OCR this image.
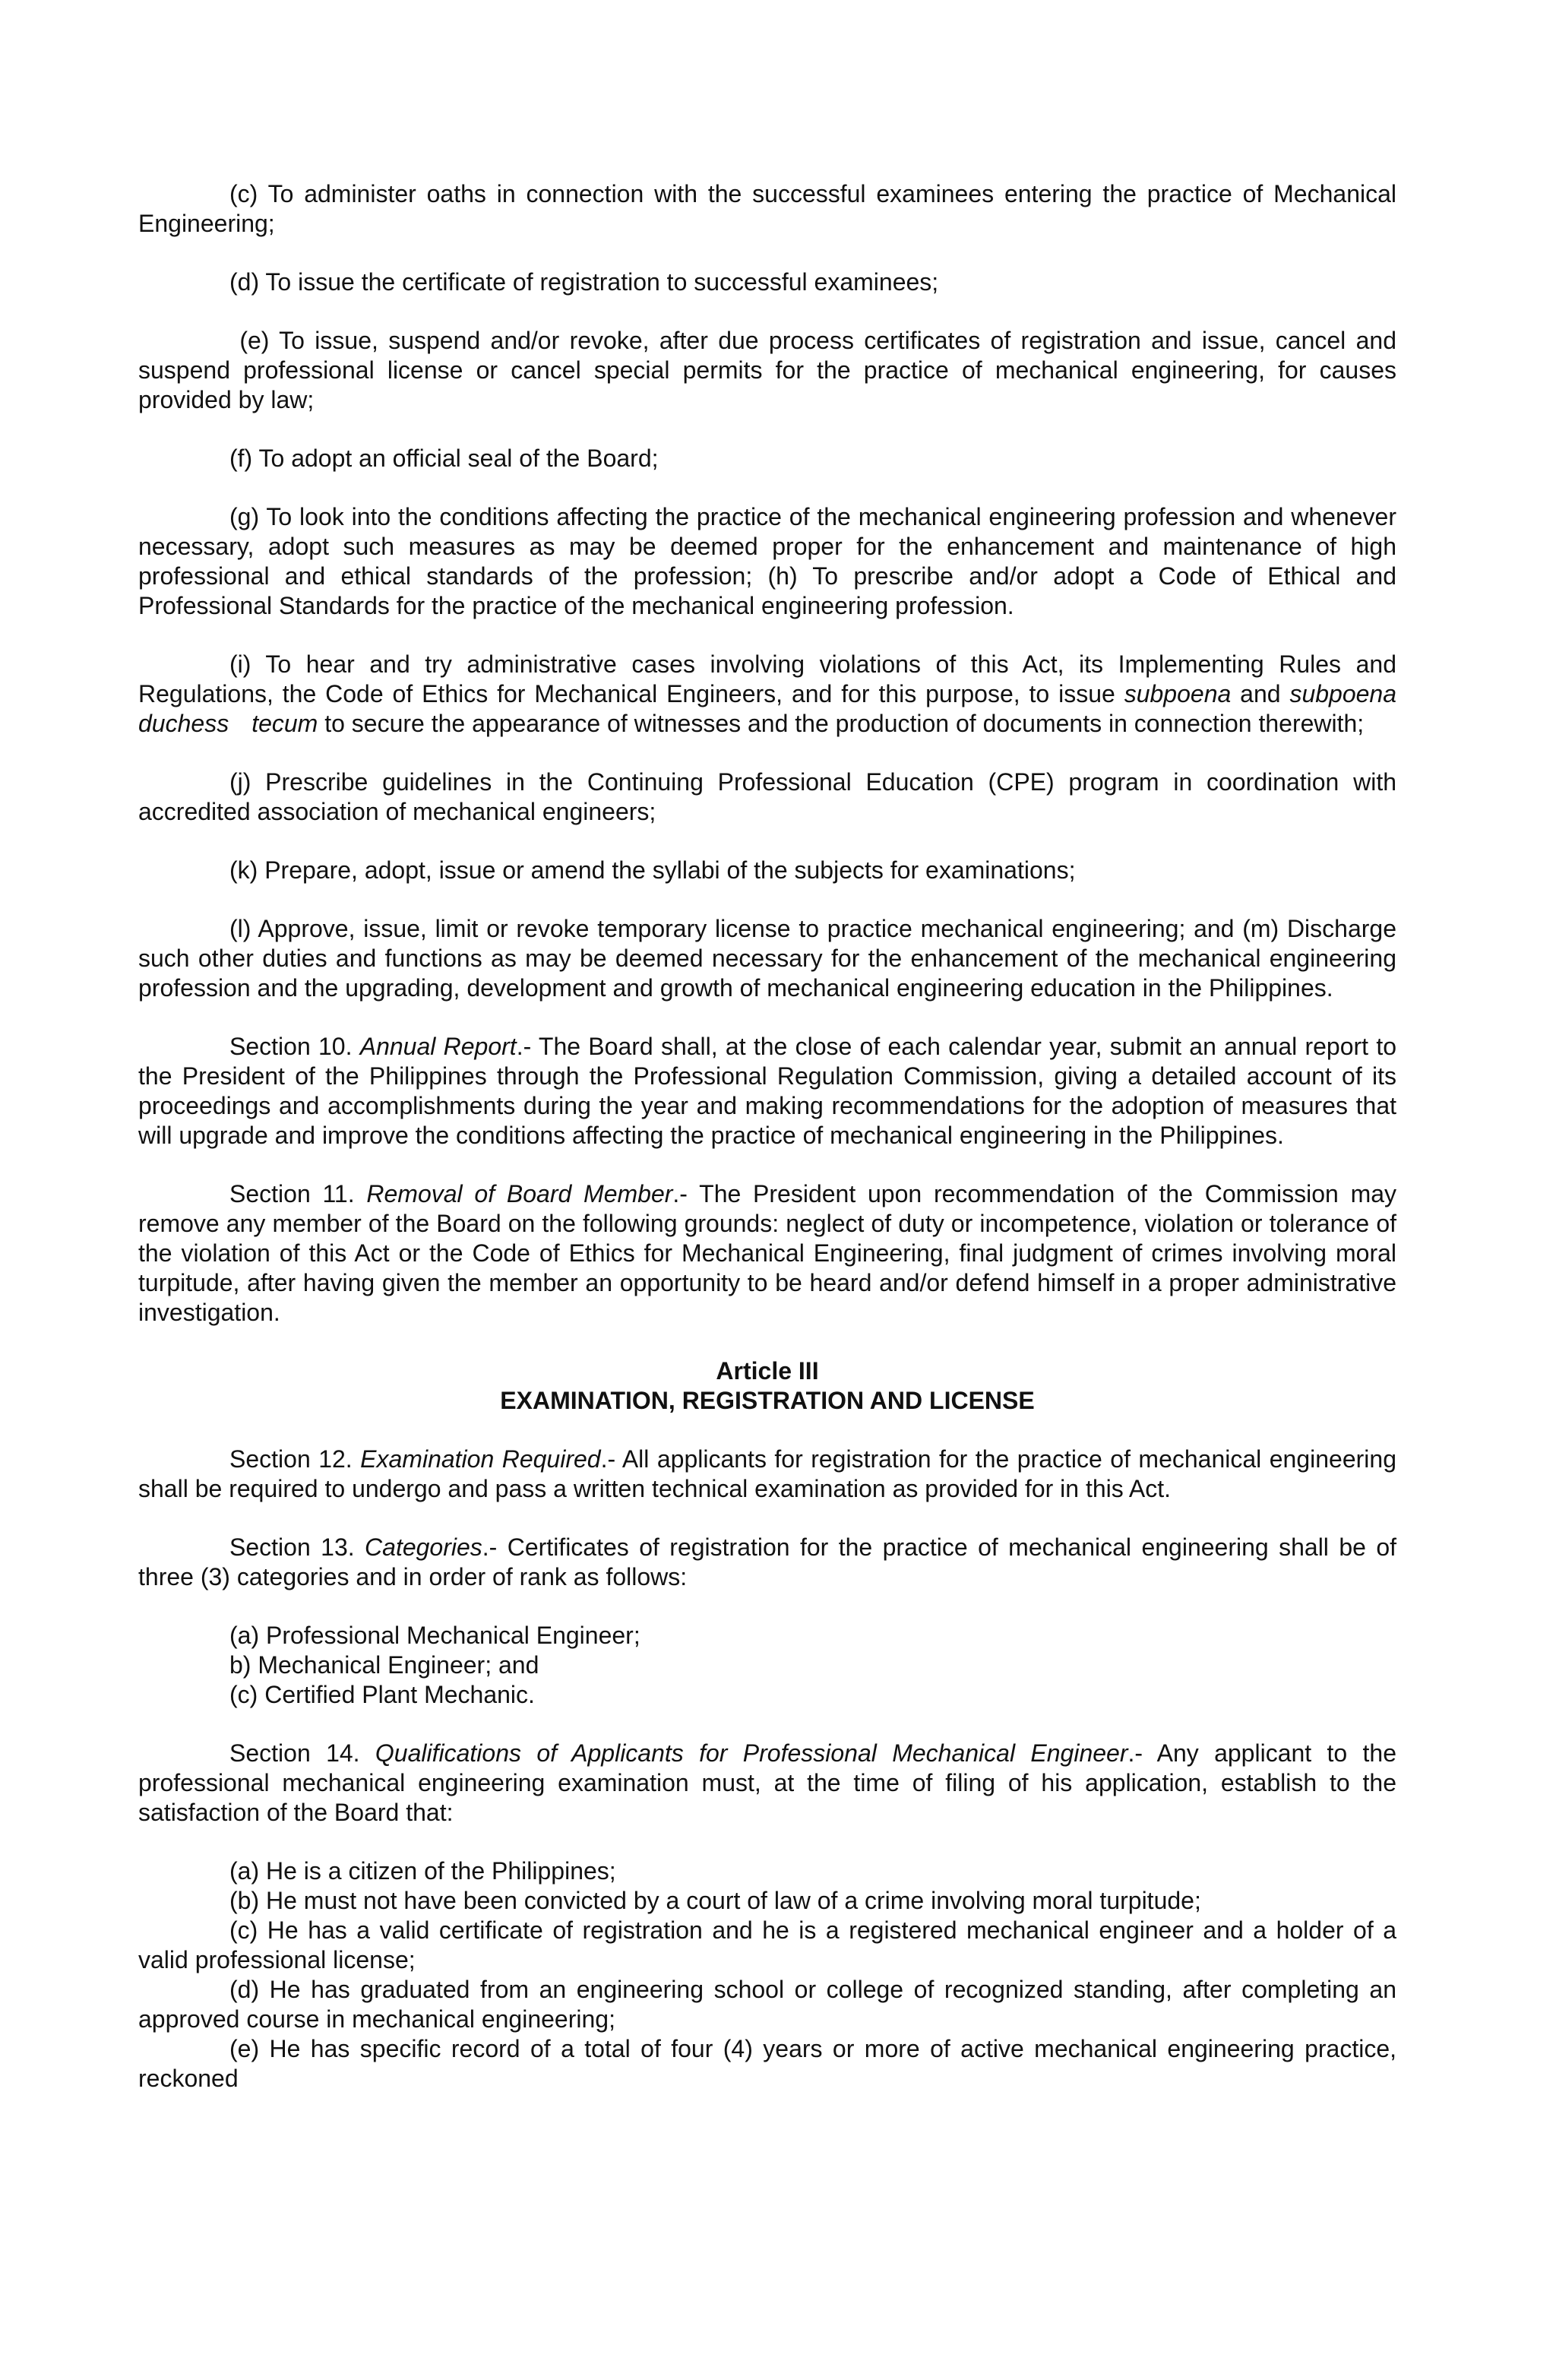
(c) To administer oaths in connection with the successful examinees entering the practice of Mechanical Engineering;

(d) To issue the certificate of registration to successful examinees;

(e) To issue, suspend and/or revoke, after due process certificates of registration and issue, cancel and suspend professional license or cancel special permits for the practice of mechanical engineering, for causes provided by law;

(f) To adopt an official seal of the Board;

(g) To look into the conditions affecting the practice of the mechanical engineering profession and whenever necessary, adopt such measures as may be deemed proper for the enhancement and maintenance of high professional and ethical standards of the profession; (h) To prescribe and/or adopt a Code of Ethical and Professional Standards for the practice of the mechanical engineering profession.

(i) To hear and try administrative cases involving violations of this Act, its Implementing Rules and Regulations, the Code of Ethics for Mechanical Engineers, and for this purpose, to issue subpoena and subpoena duchess tecum to secure the appearance of witnesses and the production of documents in connection therewith;

(j) Prescribe guidelines in the Continuing Professional Education (CPE) program in coordination with accredited association of mechanical engineers;

(k) Prepare, adopt, issue or amend the syllabi of the subjects for examinations;

(l) Approve, issue, limit or revoke temporary license to practice mechanical engineering; and (m) Discharge such other duties and functions as may be deemed necessary for the enhancement of the mechanical engineering profession and the upgrading, development and growth of mechanical engineering education in the Philippines.

Section 10. Annual Report.- The Board shall, at the close of each calendar year, submit an annual report to the President of the Philippines through the Professional Regulation Commission, giving a detailed account of its proceedings and accomplishments during the year and making recommendations for the adoption of measures that will upgrade and improve the conditions affecting the practice of mechanical engineering in the Philippines.

Section 11. Removal of Board Member.- The President upon recommendation of the Commission may remove any member of the Board on the following grounds: neglect of duty or incompetence, violation or tolerance of the violation of this Act or the Code of Ethics for Mechanical Engineering, final judgment of crimes involving moral turpitude, after having given the member an opportunity to be heard and/or defend himself in a proper administrative investigation.

Article III
EXAMINATION, REGISTRATION AND LICENSE

Section 12. Examination Required.- All applicants for registration for the practice of mechanical engineering shall be required to undergo and pass a written technical examination as provided for in this Act.

Section 13. Categories.- Certificates of registration for the practice of mechanical engineering shall be of three (3) categories and in order of rank as follows:

(a) Professional Mechanical Engineer;

b) Mechanical Engineer; and

(c) Certified Plant Mechanic.

Section 14. Qualifications of Applicants for Professional Mechanical Engineer.- Any applicant to the professional mechanical engineering examination must, at the time of filing of his application, establish to the satisfaction of the Board that:

(a) He is a citizen of the Philippines;

(b) He must not have been convicted by a court of law of a crime involving moral turpitude;

(c) He has a valid certificate of registration and he is a registered mechanical engineer and a holder of a valid professional license;

(d) He has graduated from an engineering school or college of recognized standing, after completing an approved course in mechanical engineering;

(e) He has specific record of a total of four (4) years or more of active mechanical engineering practice, reckoned
